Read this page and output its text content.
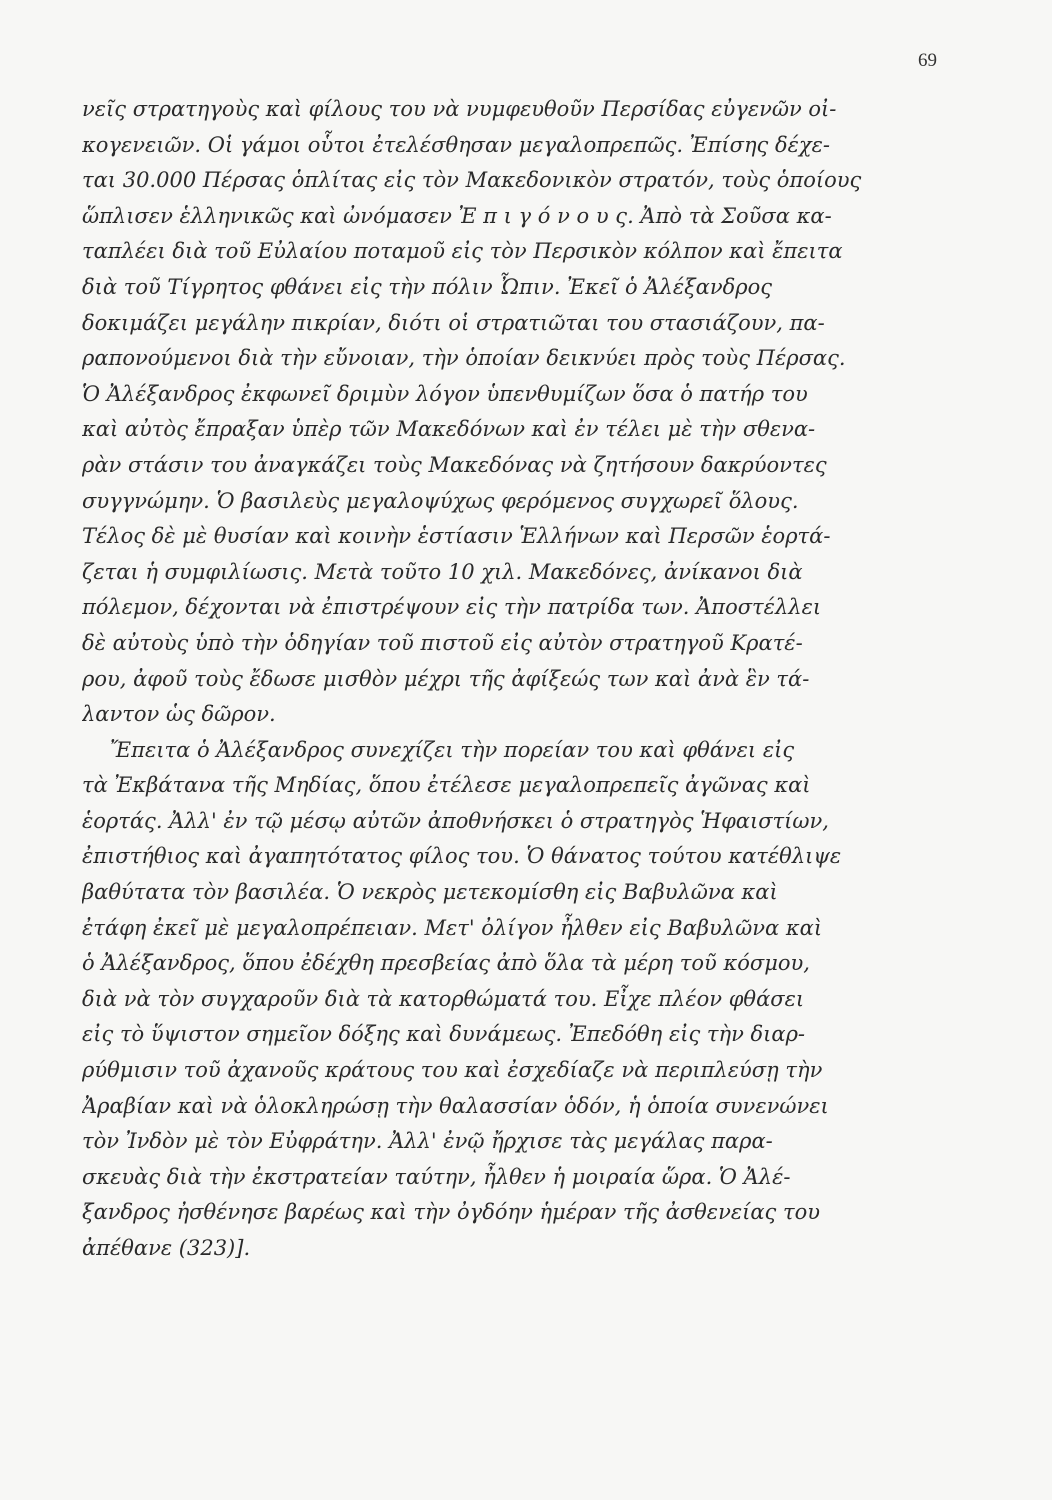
69
νεῖς στρατηγοὺς καὶ φίλους του νὰ νυμφευθοῦν Περσίδας εὐγενῶν οἰ-
κογενειῶν. Οἱ γάμοι οὗτοι ἐτελέσθησαν μεγαλοπρεπῶς. Ἐπίσης δέχε-
ται 30.000 Πέρσας ὁπλίτας εἰς τὸν Μακεδονικὸν στρατόν, τοὺς ὁποίους
ὥπλισεν ἑλληνικῶς καὶ ὠνόμασεν Ἐ π ι γ ό ν ο υ ς. Ἀπὸ τὰ Σοῦσα κα-
ταπλέει διὰ τοῦ Εὐλαίου ποταμοῦ εἰς τὸν Περσικὸν κόλπον καὶ ἔπειτα
διὰ τοῦ Τίγρητος φθάνει εἰς τὴν πόλιν Ὦπιν. Ἐκεῖ ὁ Ἀλέξανδρος
δοκιμάζει μεγάλην πικρίαν, διότι οἱ στρατιῶται του στασιάζουν, πα-
ραπονούμενοι διὰ τὴν εὔνοιαν, τὴν ὁποίαν δεικνύει πρὸς τοὺς Πέρσας.
Ὁ Ἀλέξανδρος ἐκφωνεῖ δριμὺν λόγον ὑπενθυμίζων ὅσα ὁ πατήρ του
καὶ αὐτὸς ἔπραξαν ὑπὲρ τῶν Μακεδόνων καὶ ἐν τέλει μὲ τὴν σθενα-
ρὰν στάσιν του ἀναγκάζει τοὺς Μακεδόνας νὰ ζητήσουν δακρύοντες
συγγνώμην. Ὁ βασιλεὺς μεγαλοψύχως φερόμενος συγχωρεῖ ὅλους.
Τέλος δὲ μὲ θυσίαν καὶ κοινὴν ἑστίασιν Ἑλλήνων καὶ Περσῶν ἑορτά-
ζεται ἡ συμφιλίωσις. Μετὰ τοῦτο 10 χιλ. Μακεδόνες, ἀνίκανοι διὰ
πόλεμον, δέχονται νὰ ἐπιστρέψουν εἰς τὴν πατρίδα των. Ἀποστέλλει
δὲ αὐτοὺς ὑπὸ τὴν ὁδηγίαν τοῦ πιστοῦ εἰς αὐτὸν στρατηγοῦ Κρατέ-
ρου, ἀφοῦ τοὺς ἔδωσε μισθὸν μέχρι τῆς ἀφίξεώς των καὶ ἀνὰ ἓν τά-
λαντον ὡς δῶρον.
Ἔπειτα ὁ Ἀλέξανδρος συνεχίζει τὴν πορείαν του καὶ φθάνει εἰς
τὰ Ἐκβάτανα τῆς Μηδίας, ὅπου ἐτέλεσε μεγαλοπρεπεῖς ἀγῶνας καὶ
ἑορτάς. Ἀλλ' ἐν τῷ μέσῳ αὐτῶν ἀποθνήσκει ὁ στρατηγὸς Ἡφαιστίων,
ἐπιστήθιος καὶ ἀγαπητότατος φίλος του. Ὁ θάνατος τούτου κατέθλιψε
βαθύτατα τὸν βασιλέα. Ὁ νεκρὸς μετεκομίσθη εἰς Βαβυλῶνα καὶ
ἐτάφη ἐκεῖ μὲ μεγαλοπρέπειαν. Μετ' ὀλίγον ἦλθεν εἰς Βαβυλῶνα καὶ
ὁ Ἀλέξανδρος, ὅπου ἐδέχθη πρεσβείας ἀπὸ ὅλα τὰ μέρη τοῦ κόσμου,
διὰ νὰ τὸν συγχαροῦν διὰ τὰ κατορθώματά του. Εἶχε πλέον φθάσει
εἰς τὸ ὕψιστον σημεῖον δόξης καὶ δυνάμεως. Ἐπεδόθη εἰς τὴν διαρ-
ρύθμισιν τοῦ ἀχανοῦς κράτους του καὶ ἐσχεδίαζε νὰ περιπλεύσῃ τὴν
Ἀραβίαν καὶ νὰ ὁλοκληρώσῃ τὴν θαλασσίαν ὁδόν, ἡ ὁποία συνενώνει
τὸν Ἰνδὸν μὲ τὸν Εὐφράτην. Ἀλλ' ἐνῷ ἤρχισε τὰς μεγάλας παρα-
σκευὰς διὰ τὴν ἐκστρατείαν ταύτην, ἦλθεν ἡ μοιραία ὥρα. Ὁ Ἀλέ-
ξανδρος ἠσθένησε βαρέως καὶ τὴν ὀγδόην ἡμέραν τῆς ἀσθενείας του
ἀπέθανε (323)].
